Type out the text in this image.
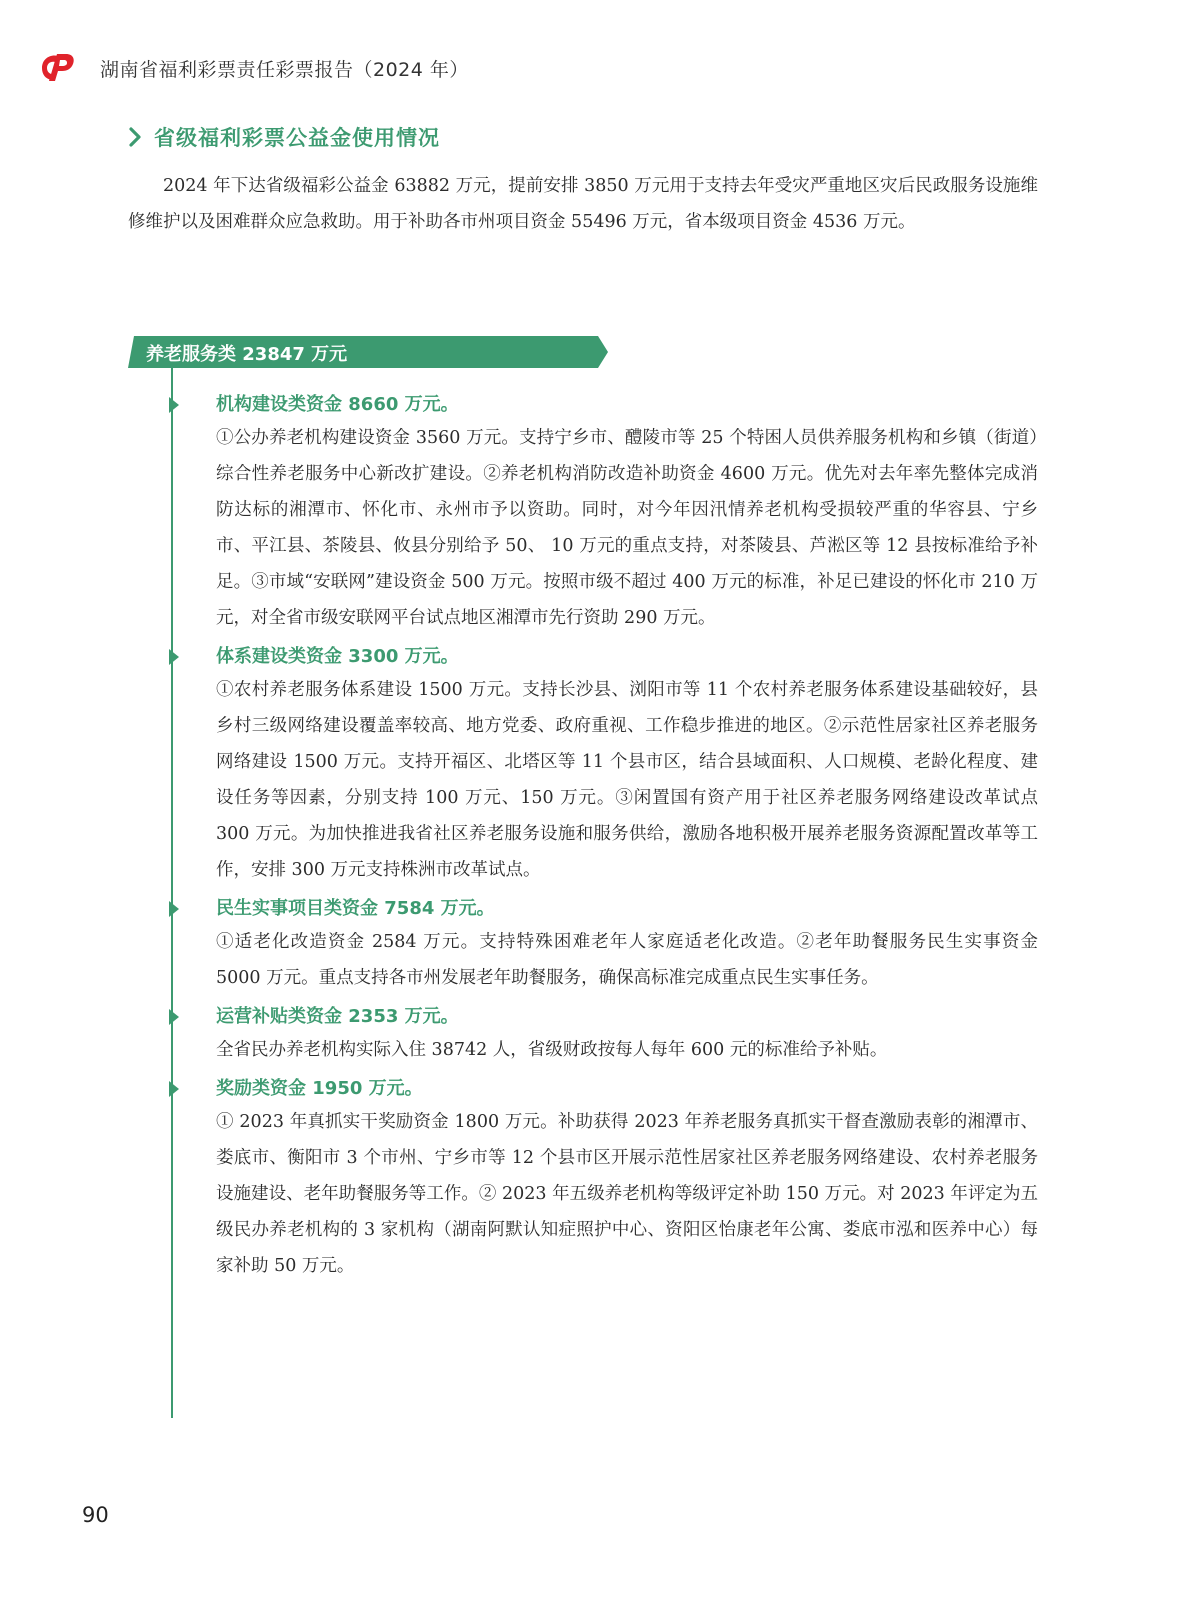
湖南省福利彩票责任彩票报告（2024 年）
省级福利彩票公益金使用情况

2024 年下达省级福彩公益金 63882 万元，提前安排 3850 万元用于支持去年受灾严重地区灾后民政服务设施维修维护以及困难群众应急救助。用于补助各市州项目资金 55496 万元，省本级项目资金 4536 万元。

养老服务类 23847 万元
机构建设类资金 8660 万元。
①公办养老机构建设资金 3560 万元。支持宁乡市、醴陵市等 25 个特困人员供养服务机构和乡镇（街道）综合性养老服务中心新改扩建设。②养老机构消防改造补助资金 4600 万元。优先对去年率先整体完成消防达标的湘潭市、怀化市、永州市予以资助。同时，对今年因汛情养老机构受损较严重的华容县、宁乡市、平江县、茶陵县、攸县分别给予 50、 10 万元的重点支持，对茶陵县、芦淞区等 12 县按标准给予补足。③市域“安联网”建设资金 500 万元。按照市级不超过 400 万元的标准，补足已建设的怀化市 210 万元，对全省市级安联网平台试点地区湘潭市先行资助 290 万元。
体系建设类资金 3300 万元。
①农村养老服务体系建设 1500 万元。支持长沙县、浏阳市等 11 个农村养老服务体系建设基础较好，县乡村三级网络建设覆盖率较高、地方党委、政府重视、工作稳步推进的地区。②示范性居家社区养老服务网络建设 1500 万元。支持开福区、北塔区等 11 个县市区，结合县域面积、人口规模、老龄化程度、建设任务等因素，分别支持 100 万元、150 万元。③闲置国有资产用于社区养老服务网络建设改革试点 300 万元。为加快推进我省社区养老服务设施和服务供给，激励各地积极开展养老服务资源配置改革等工作，安排 300 万元支持株洲市改革试点。
民生实事项目类资金 7584 万元。
①适老化改造资金 2584 万元。支持特殊困难老年人家庭适老化改造。②老年助餐服务民生实事资金 5000 万元。重点支持各市州发展老年助餐服务，确保高标准完成重点民生实事任务。
运营补贴类资金 2353 万元。
全省民办养老机构实际入住 38742 人，省级财政按每人每年 600 元的标准给予补贴。
奖励类资金 1950 万元。
① 2023 年真抓实干奖励资金 1800 万元。补助获得 2023 年养老服务真抓实干督查激励表彰的湘潭市、娄底市、衡阳市 3 个市州、宁乡市等 12 个县市区开展示范性居家社区养老服务网络建设、农村养老服务设施建设、老年助餐服务等工作。② 2023 年五级养老机构等级评定补助 150 万元。对 2023 年评定为五级民办养老机构的 3 家机构（湖南阿默认知症照护中心、资阳区怡康老年公寓、娄底市泓和医养中心）每家补助 50 万元。
90
